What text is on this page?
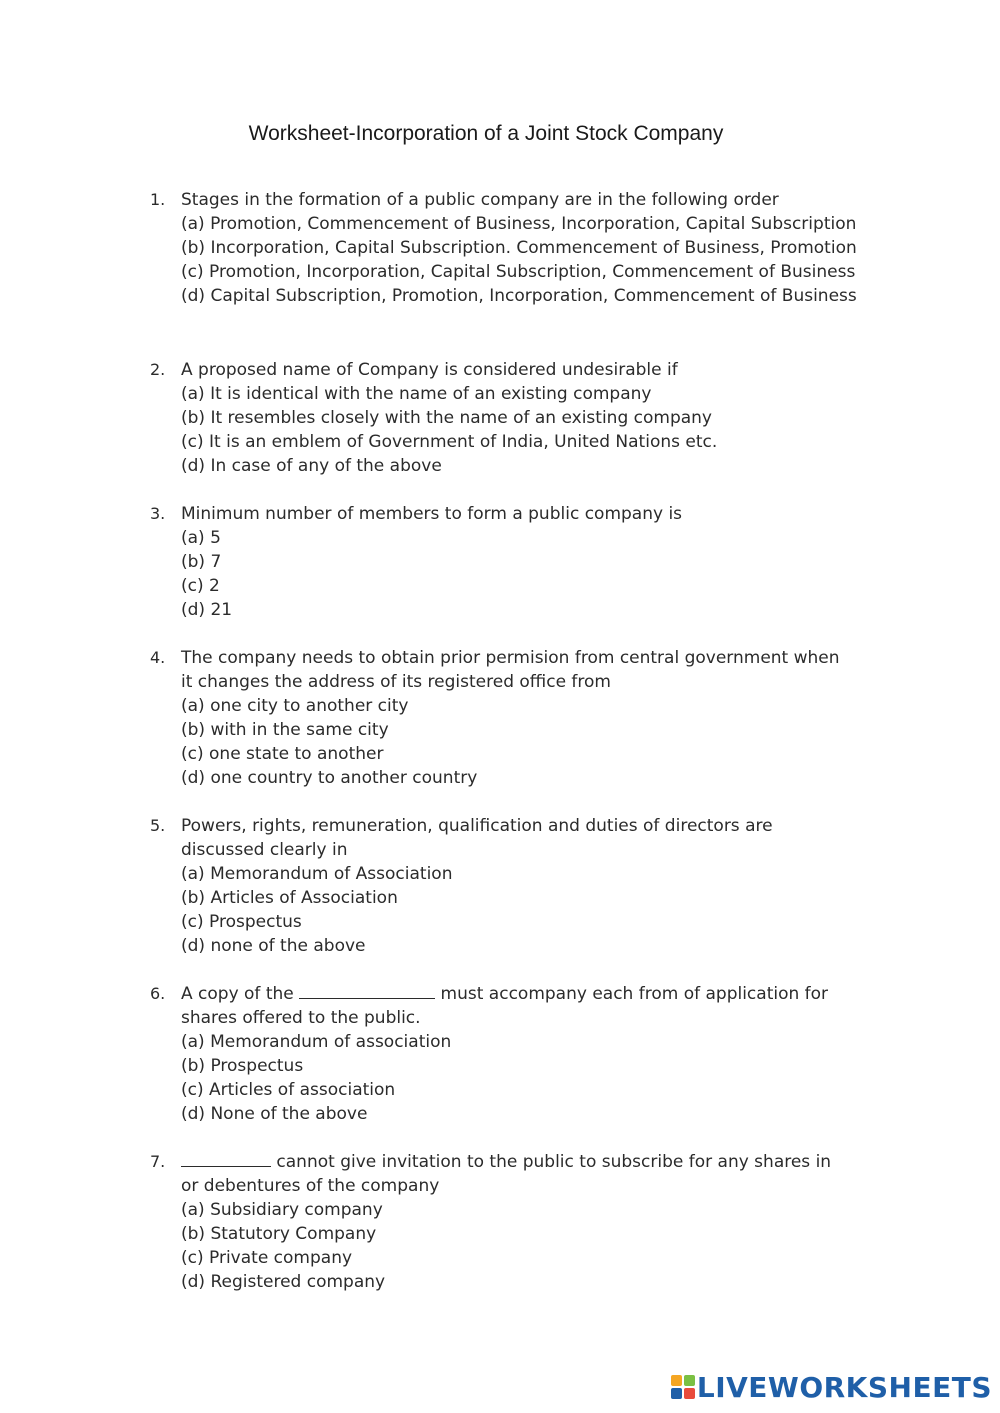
Worksheet-Incorporation of a Joint Stock Company
1. Stages in the formation of a public company are in the following order

(a) Promotion, Commencement of Business, Incorporation, Capital Subscription
(b) Incorporation, Capital Subscription. Commencement of Business, Promotion
(c) Promotion, Incorporation, Capital Subscription, Commencement of Business
(d) Capital Subscription, Promotion, Incorporation, Commencement of Business
2. A proposed name of Company is considered undesirable if

(a) It is identical with the name of an existing company
(b) It resembles closely with the name of an existing company
(c) It is an emblem of Government of India, United Nations etc.
(d) In case of any of the above
3. Minimum number of members to form a public company is

(a) 5
(b) 7
(c) 2
(d) 21
4. The company needs to obtain prior permision from central government when it changes the address of its registered office from

(a) one city to another city
(b) with in the same city
(c) one state to another
(d) one country to another country
5. Powers, rights, remuneration, qualification and duties of directors are discussed clearly in

(a) Memorandum of Association
(b) Articles of Association
(c) Prospectus
(d) none of the above
6. A copy of the	must accompany each from of application for shares offered to the public.

(a) Memorandum of association
(b) Prospectus
(c) Articles of association
(d) None of the above
7.	cannot give invitation to the public to subscribe for any shares in or debentures of the company

(a) Subsidiary company
(b) Statutory Company
(c) Private company
(d) Registered company
LIVEWORKSHEETS
